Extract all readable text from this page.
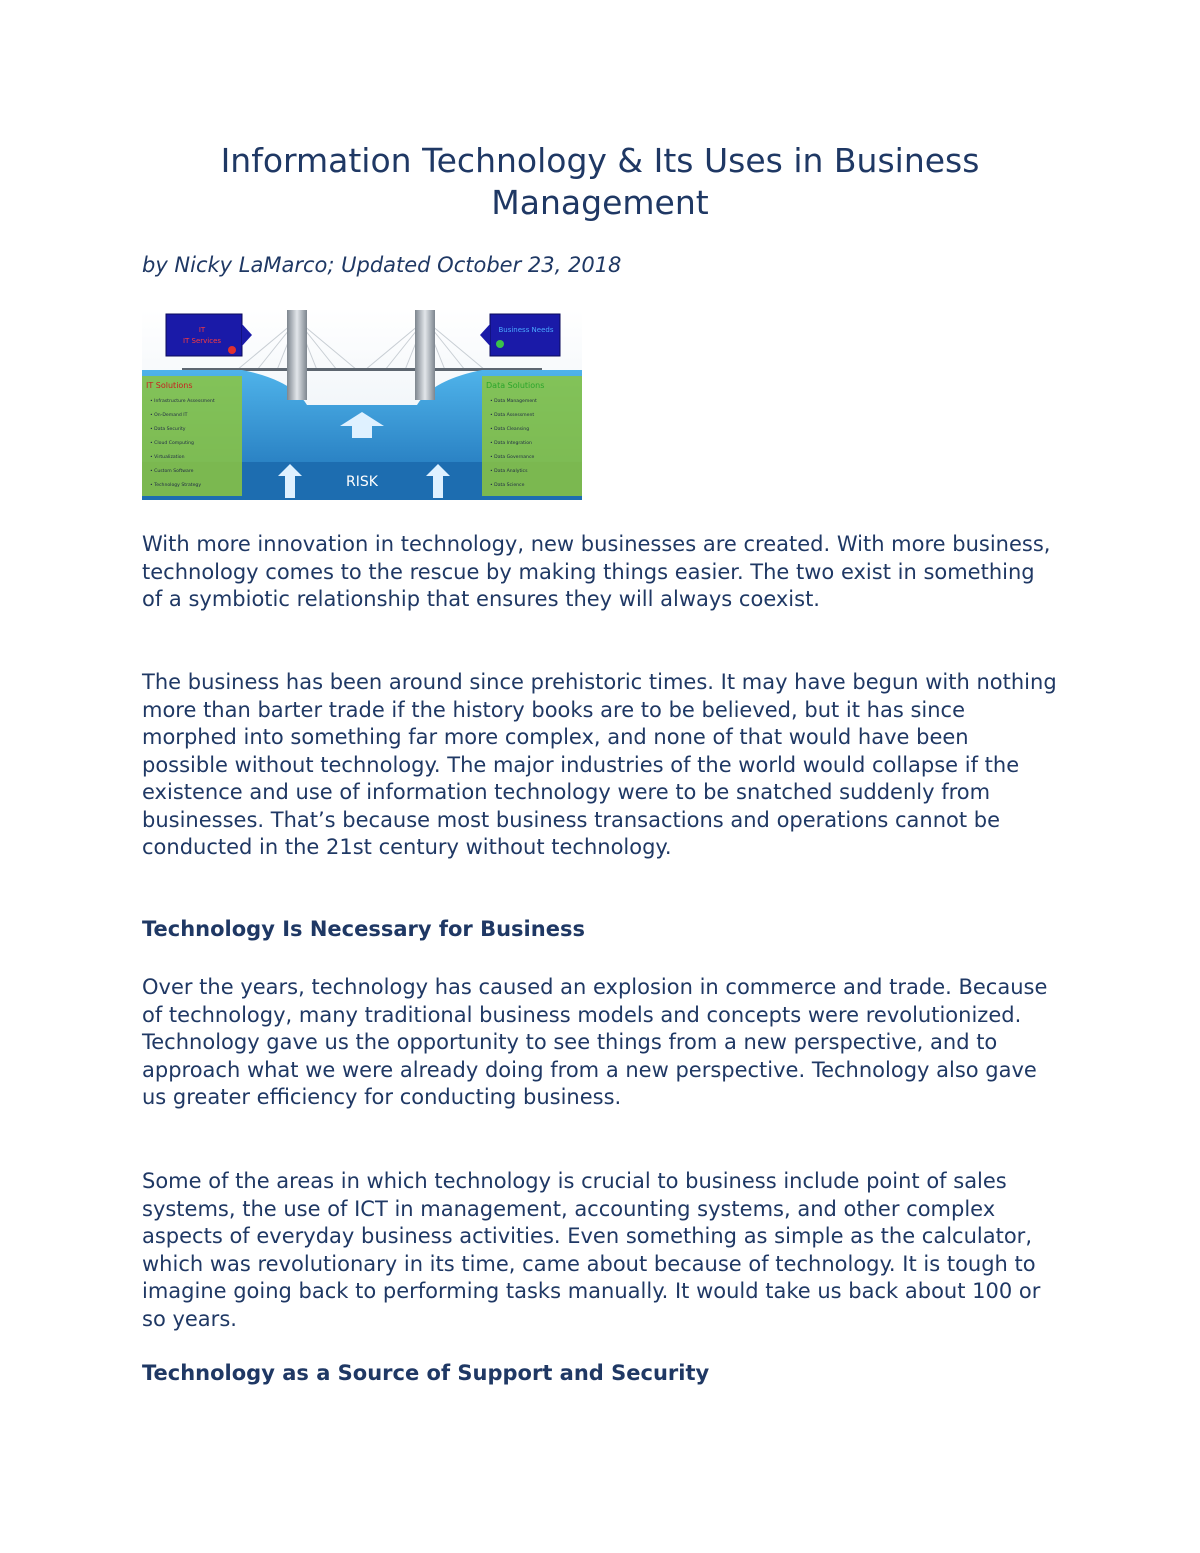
Information Technology & Its Uses in Business Management
by Nicky LaMarco; Updated October 23, 2018
IT
IT Services
Business Needs
IT Solutions
• Infrastructure Assessment
• On-Demand IT
• Data Security
• Cloud Computing
• Virtualization
• Custom Software
• Technology Strategy
Data Solutions
• Data Management
• Data Assessment
• Data Cleansing
• Data Integration
• Data Governance
• Data Analytics
• Data Science
RISK

With more innovation in technology, new businesses are created. With more business, technology comes to the rescue by making things easier. The two exist in something of a symbiotic relationship that ensures they will always coexist.

The business has been around since prehistoric times. It may have begun with nothing more than barter trade if the history books are to be believed, but it has since morphed into something far more complex, and none of that would have been possible without technology. The major industries of the world would collapse if the existence and use of information technology were to be snatched suddenly from businesses. That’s because most business transactions and operations cannot be conducted in the 21st century without technology.

Technology Is Necessary for Business

Over the years, technology has caused an explosion in commerce and trade. Because of technology, many traditional business models and concepts were revolutionized. Technology gave us the opportunity to see things from a new perspective, and to approach what we were already doing from a new perspective. Technology also gave us greater efficiency for conducting business.

Some of the areas in which technology is crucial to business include point of sales systems, the use of ICT in management, accounting systems, and other complex aspects of everyday business activities. Even something as simple as the calculator, which was revolutionary in its time, came about because of technology. It is tough to imagine going back to performing tasks manually. It would take us back about 100 or so years.

Technology as a Source of Support and Security
